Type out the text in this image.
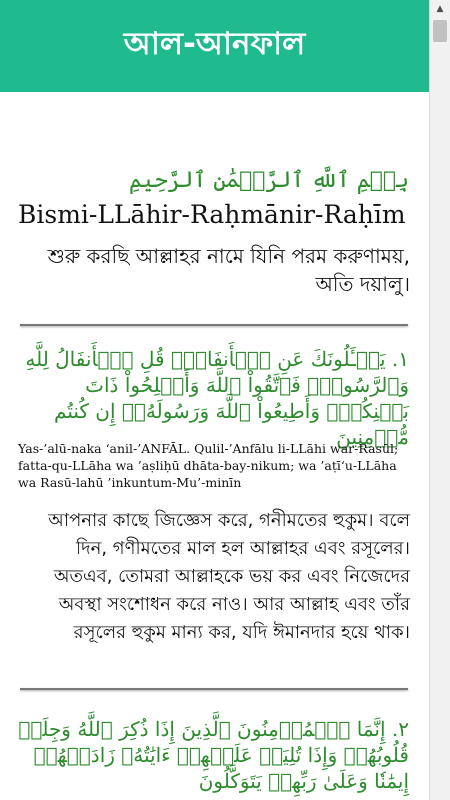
আল-আনফাল
بِسۡمِ ٱللَّهِ ٱلرَّحۡمَٰنِ ٱلرَّحِيمِ
Bismi-LLāhir-Raḥmānir-Raḥīm
শুরু করছি আল্লাহর নামে যিনি পরম করুণাময়, অতি দয়ালু।
١. يَسۡـَٔلُونَكَ عَنِ ٱلۡأَنفَالِۖ قُلِ ٱلۡأَنفَالُ لِلَّهِ وَٱلرَّسُولِۖ فَٱتَّقُواْ ٱللَّهَ وَأَصۡلِحُواْ ذَاتَ بَيۡنِكُمۡۖ وَأَطِيعُواْ ٱللَّهَ وَرَسُولَهُۥٓ إِن كُنتُم مُّؤۡمِنِينَ
Yas-’alū-naka ‘anil-’ANFĀL. Qulil-’Anfālu li-LLāhi war-Rasūl; fatta-qu-LLāha wa ’aṣliḥū dhāta-bay-nikum; wa ’aṭī‘u-LLāha wa Rasū-lahū ’inkuntum-Mu’-minīn
আপনার কাছে জিজ্ঞেস করে, গনীমতের হুকুম। বলে দিন, গণীমতের মাল হল আল্লাহর এবং রসূলের। অতএব, তোমরা আল্লাহকে ভয় কর এবং নিজেদের অবস্থা সংশোধন করে নাও। আর আল্লাহ এবং তাঁর রসূলের হুকুম মান্য কর, যদি ঈমানদার হয়ে থাক।
٢. إِنَّمَا ٱلۡمُؤۡمِنُونَ ٱلَّذِينَ إِذَا ذُكِرَ ٱللَّهُ وَجِلَتۡ قُلُوبُهُمۡ وَإِذَا تُلِيَتۡ عَلَيۡهِمۡ ءَايَٰتُهُۥ زَادَتۡهُمۡ إِيمَٰنٗا وَعَلَىٰ رَبِّهِمۡ يَتَوَكَّلُونَ
▲
